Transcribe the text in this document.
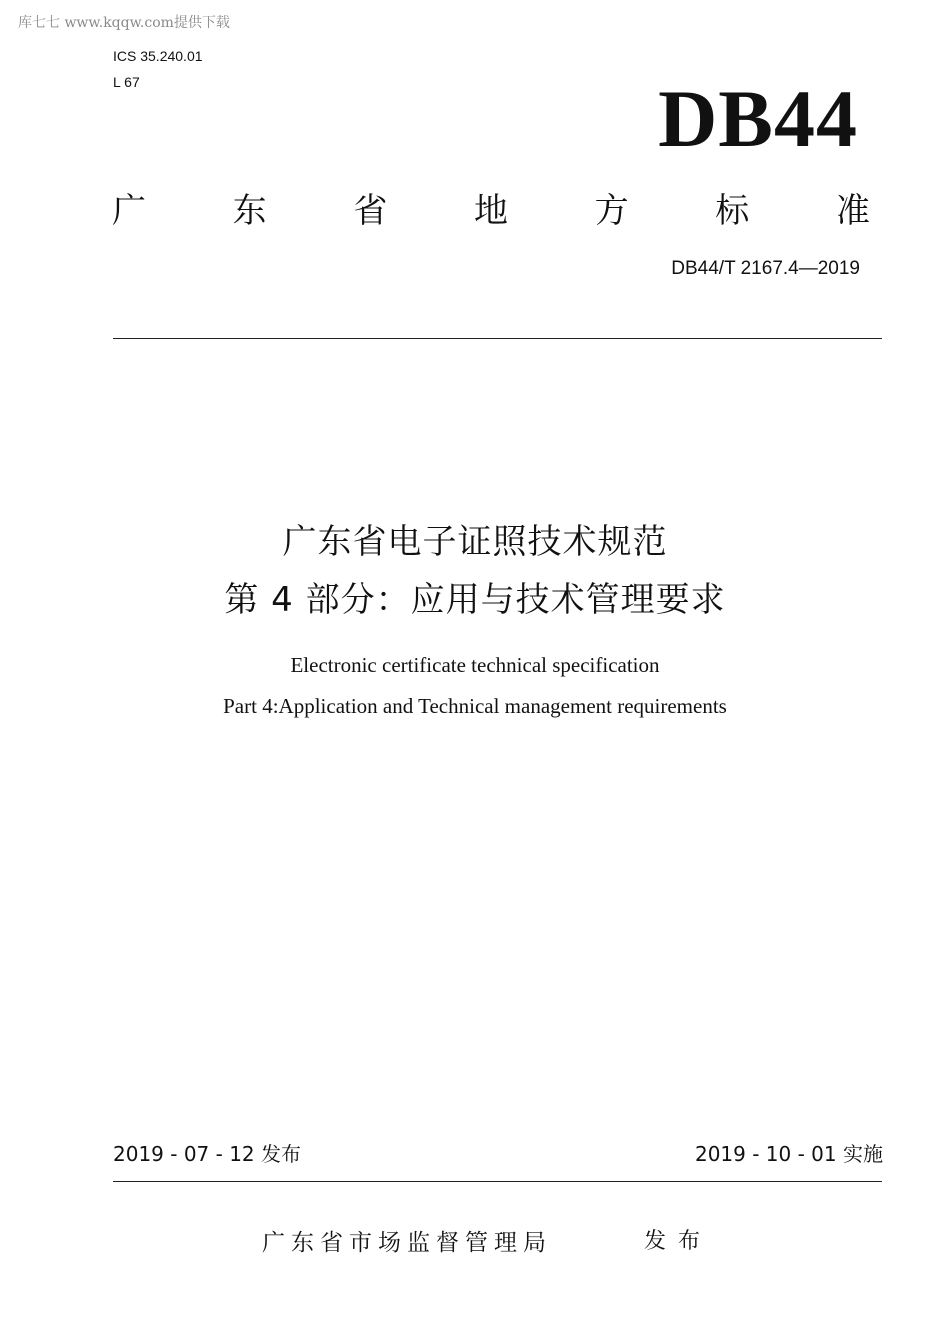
库七七 www.kqqw.com提供下载
ICS 35.240.01
L 67	DB44
广	东	省	地	方	标	准
DB44/T 2167.4—2019
广东省电子证照技术规范
第 4 部分：应用与技术管理要求
Electronic certificate technical specification
Part 4:Application and Technical management requirements
2019 - 07 - 12 发布	2019 - 10 - 01 实施
广东省市场监督管理局	发布
